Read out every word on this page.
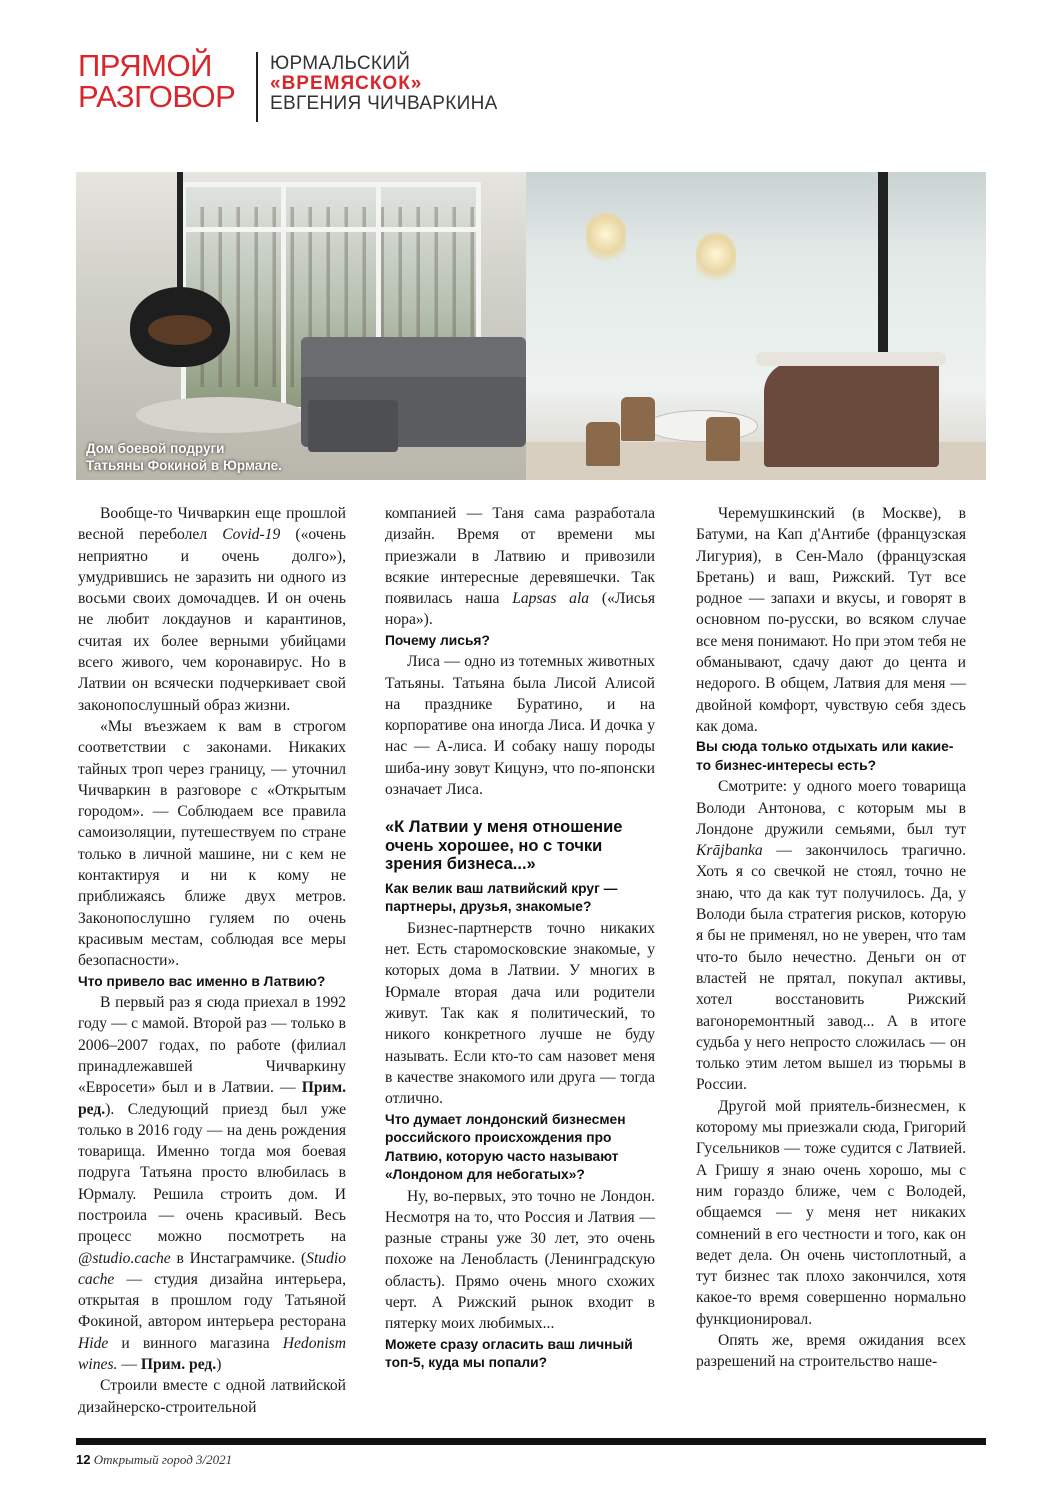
ПРЯМОЙ
РАЗГОВОР
ЮРМАЛЬСКИЙ
«ВРЕМЯСКОК»
ЕВГЕНИЯ ЧИЧВАРКИНА
Дом боевой подруги
Татьяны Фокиной в Юрмале.

Вообще-то Чичваркин еще прошлой весной переболел Covid-19 («очень неприятно и очень долго»), умудрившись не заразить ни одного из восьми своих домочадцев. И он очень не любит локдаунов и карантинов, считая их более верными убийцами всего живого, чем коронавирус. Но в Латвии он всячески подчеркивает свой законопослушный образ жизни.

«Мы въезжаем к вам в строгом соответствии с законами. Никаких тайных троп через границу, — уточнил Чичваркин в разговоре с «Открытым городом». — Соблюдаем все правила самоизоляции, путешествуем по стране только в личной машине, ни с кем не контактируя и ни к кому не приближаясь ближе двух метров. Законопослушно гуляем по очень красивым местам, соблюдая все меры безопасности».

Что привело вас именно в Латвию?

В первый раз я сюда приехал в 1992 году — с мамой. Второй раз — только в 2006–2007 годах, по работе (филиал принадлежавшей Чичваркину «Евросети» был и в Латвии. — Прим. ред.). Следующий приезд был уже только в 2016 году — на день рождения товарища. Именно тогда моя боевая подруга Татьяна просто влюбилась в Юрмалу. Решила строить дом. И построила — очень красивый. Весь процесс можно посмотреть на @studio.cache в Инстаграмчике. (Studio cache — студия дизайна интерьера, открытая в прошлом году Татьяной Фокиной, автором интерьера ресторана Hide и винного магазина Hedonism wines. — Прим. ред.)

Строили вместе с одной латвийской дизайнерско-строительной

компанией — Таня сама разработала дизайн. Время от времени мы приезжали в Латвию и привозили всякие интересные деревяшечки. Так появилась наша Lapsas ala («Лисья нора»).

Почему лисья?

Лиса — одно из тотемных животных Татьяны. Татьяна была Лисой Алисой на празднике Буратино, и на корпоративе она иногда Лиса. И дочка у нас — А-лиса. И собаку нашу породы шиба-ину зовут Кицунэ, что по-японски означает Лиса.

«К Латвии у меня отношение очень хорошее, но с точки зрения бизнеса...»
Как велик ваш латвийский круг — партнеры, друзья, знакомые?

Бизнес-партнерств точно никаких нет. Есть старомосковские знакомые, у которых дома в Латвии. У многих в Юрмале вторая дача или родители живут. Так как я политический, то никого конкретного лучше не буду называть. Если кто-то сам назовет меня в качестве знакомого или друга — тогда отлично.

Что думает лондонский бизнесмен российского происхождения про Латвию, которую часто называют «Лондоном для небогатых»?

Ну, во-первых, это точно не Лондон. Несмотря на то, что Россия и Латвия — разные страны уже 30 лет, это очень похоже на Ленобласть (Ленинградскую область). Прямо очень много схожих черт. А Рижский рынок входит в пятерку моих любимых...

Можете сразу огласить ваш личный топ-5, куда мы попали?

Черемушкинский (в Москве), в Батуми, на Кап д'Антибе (французская Лигурия), в Сен-Мало (французская Бретань) и ваш, Рижский. Тут все родное — запахи и вкусы, и говорят в основном по-русски, во всяком случае все меня понимают. Но при этом тебя не обманывают, сдачу дают до цента и недорого. В общем, Латвия для меня — двойной комфорт, чувствую себя здесь как дома.

Вы сюда только отдыхать или какие-то бизнес-интересы есть?

Смотрите: у одного моего товарища Володи Антонова, с которым мы в Лондоне дружили семьями, был тут Krājbanka — закончилось трагично. Хоть я со свечкой не стоял, точно не знаю, что да как тут получилось. Да, у Володи была стратегия рисков, которую я бы не применял, но не уверен, что там что-то было нечестно. Деньги он от властей не прятал, покупал активы, хотел восстановить Рижский вагоноремонтный завод... А в итоге судьба у него непросто сложилась — он только этим летом вышел из тюрьмы в России.

Другой мой приятель-бизнесмен, к которому мы приезжали сюда, Григорий Гусельников — тоже судится с Латвией. А Гришу я знаю очень хорошо, мы с ним гораздо ближе, чем с Володей, общаемся — у меня нет никаких сомнений в его честности и того, как он ведет дела. Он очень чистоплотный, а тут бизнес так плохо закончился, хотя какое-то время совершенно нормально функционировал.

Опять же, время ожидания всех разрешений на строительство наше-

12 Открытый город 3/2021
